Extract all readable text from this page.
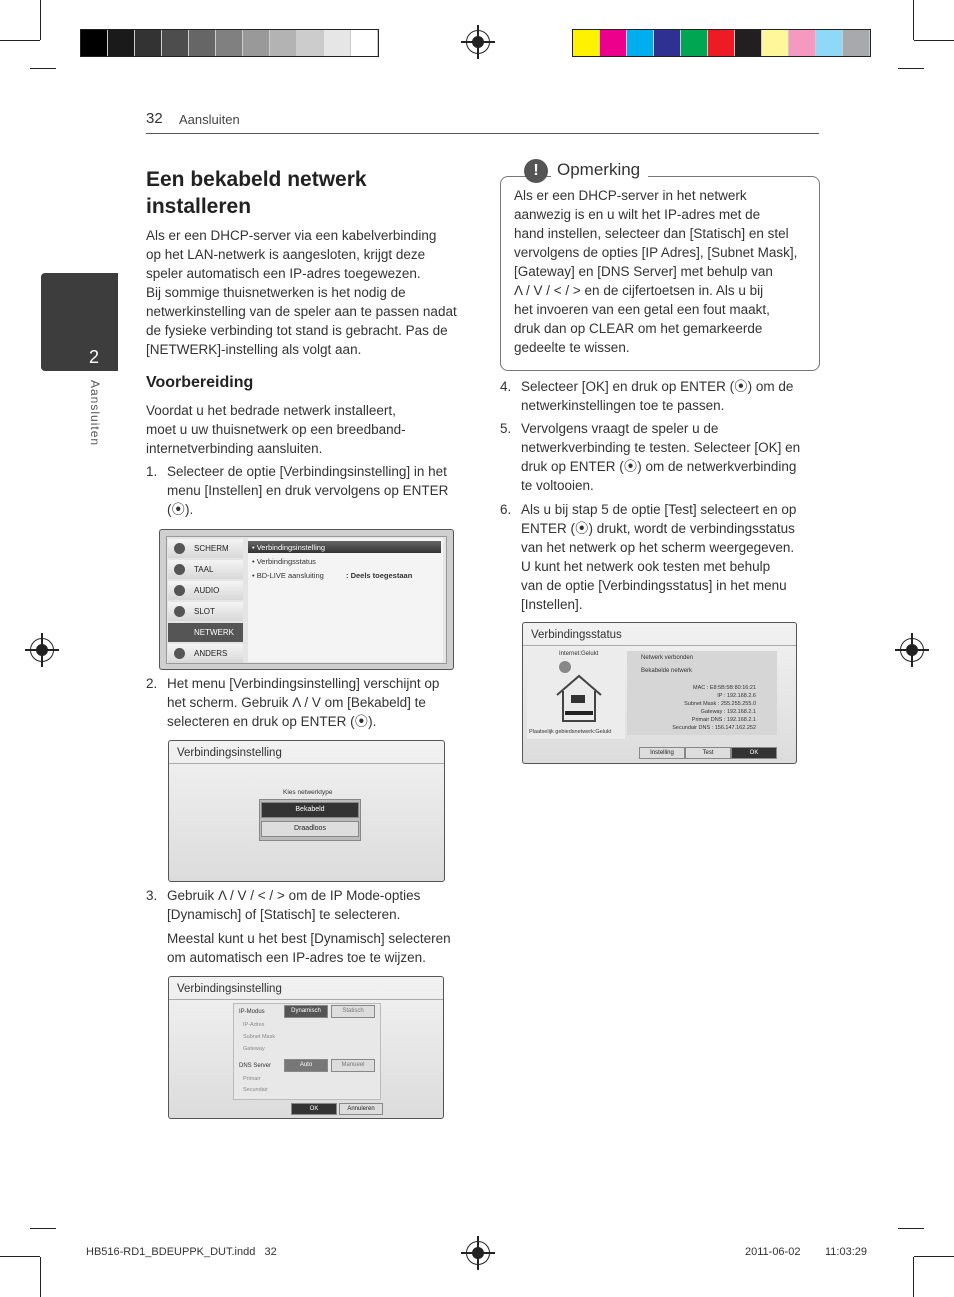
32 Aansluiten
2
Aansluiten
Een bekabeld netwerk installeren
Als er een DHCP-server via een kabelverbinding
op het LAN-netwerk is aangesloten, krijgt deze
speler automatisch een IP-adres toegewezen.
Bij sommige thuisnetwerken is het nodig de
netwerkinstelling van de speler aan te passen nadat
de fysieke verbinding tot stand is gebracht. Pas de
[NETWERK]-instelling als volgt aan.
Voorbereiding
Voordat u het bedrade netwerk installeert,
moet u uw thuisnetwerk op een breedband-
internetverbinding aansluiten.
1. Selecteer de optie [Verbindingsinstelling] in het
menu [Instellen] en druk vervolgens op ENTER
(⦿).
SCHERM
TAAL
AUDIO
SLOT
NETWERK
ANDERS
• Verbindingsinstelling
• Verbindingsstatus
• BD-LIVE aansluiting	: Deels toegestaan
2. Het menu [Verbindingsinstelling] verschijnt op
het scherm. Gebruik Λ / V om [Bekabeld] te
selecteren en druk op ENTER (⦿).
Verbindingsinstelling
Kies netwerktype
Bekabeld
Draadloos
3. Gebruik Λ / V / < / > om de IP Mode-opties
[Dynamisch] of [Statisch] te selecteren.
Meestal kunt u het best [Dynamisch] selecteren
om automatisch een IP-adres toe te wijzen.
Verbindingsinstelling
IP-Modus	Dynamisch	Statisch
IP-Adres
Subnet Mask
Gateway
DNS Server	Auto	Manueel
Primair
Secundair
OK	Annuleren
!	Opmerking
Als er een DHCP-server in het netwerk
aanwezig is en u wilt het IP-adres met de
hand instellen, selecteer dan [Statisch] en stel
vervolgens de opties [IP Adres], [Subnet Mask],
[Gateway] en [DNS Server] met behulp van
Λ / V / < / > en de cijfertoetsen in. Als u bij
het invoeren van een getal een fout maakt,
druk dan op CLEAR om het gemarkeerde
gedeelte te wissen.
4. Selecteer [OK] en druk op ENTER (⦿) om de
netwerkinstellingen toe te passen.
5. Vervolgens vraagt de speler u de
netwerkverbinding te testen. Selecteer [OK] en
druk op ENTER (⦿) om de netwerkverbinding
te voltooien.
6. Als u bij stap 5 de optie [Test] selecteert en op
ENTER (⦿) drukt, wordt de verbindingsstatus
van het netwerk op het scherm weergegeven.
U kunt het netwerk ook testen met behulp
van de optie [Verbindingsstatus] in het menu
[Instellen].
Verbindingsstatus
Internet:Gelukt
Plaatselijk gebiedsnetwerk:Gelukt
Netwerk verbonden
Bekabelde netwerk
MAC : E8:5B:5B:80:16:21
IP : 192.168.2.6
Subnet Mask : 255.255.255.0
Gateway : 192.168.2.1
Primair DNS : 192.168.2.1
Secundair DNS : 156.147.162.252
Instelling	Test	OK
HB516-RD1_BDEUPPK_DUT.indd   32	2011-06-02 11:03:29
